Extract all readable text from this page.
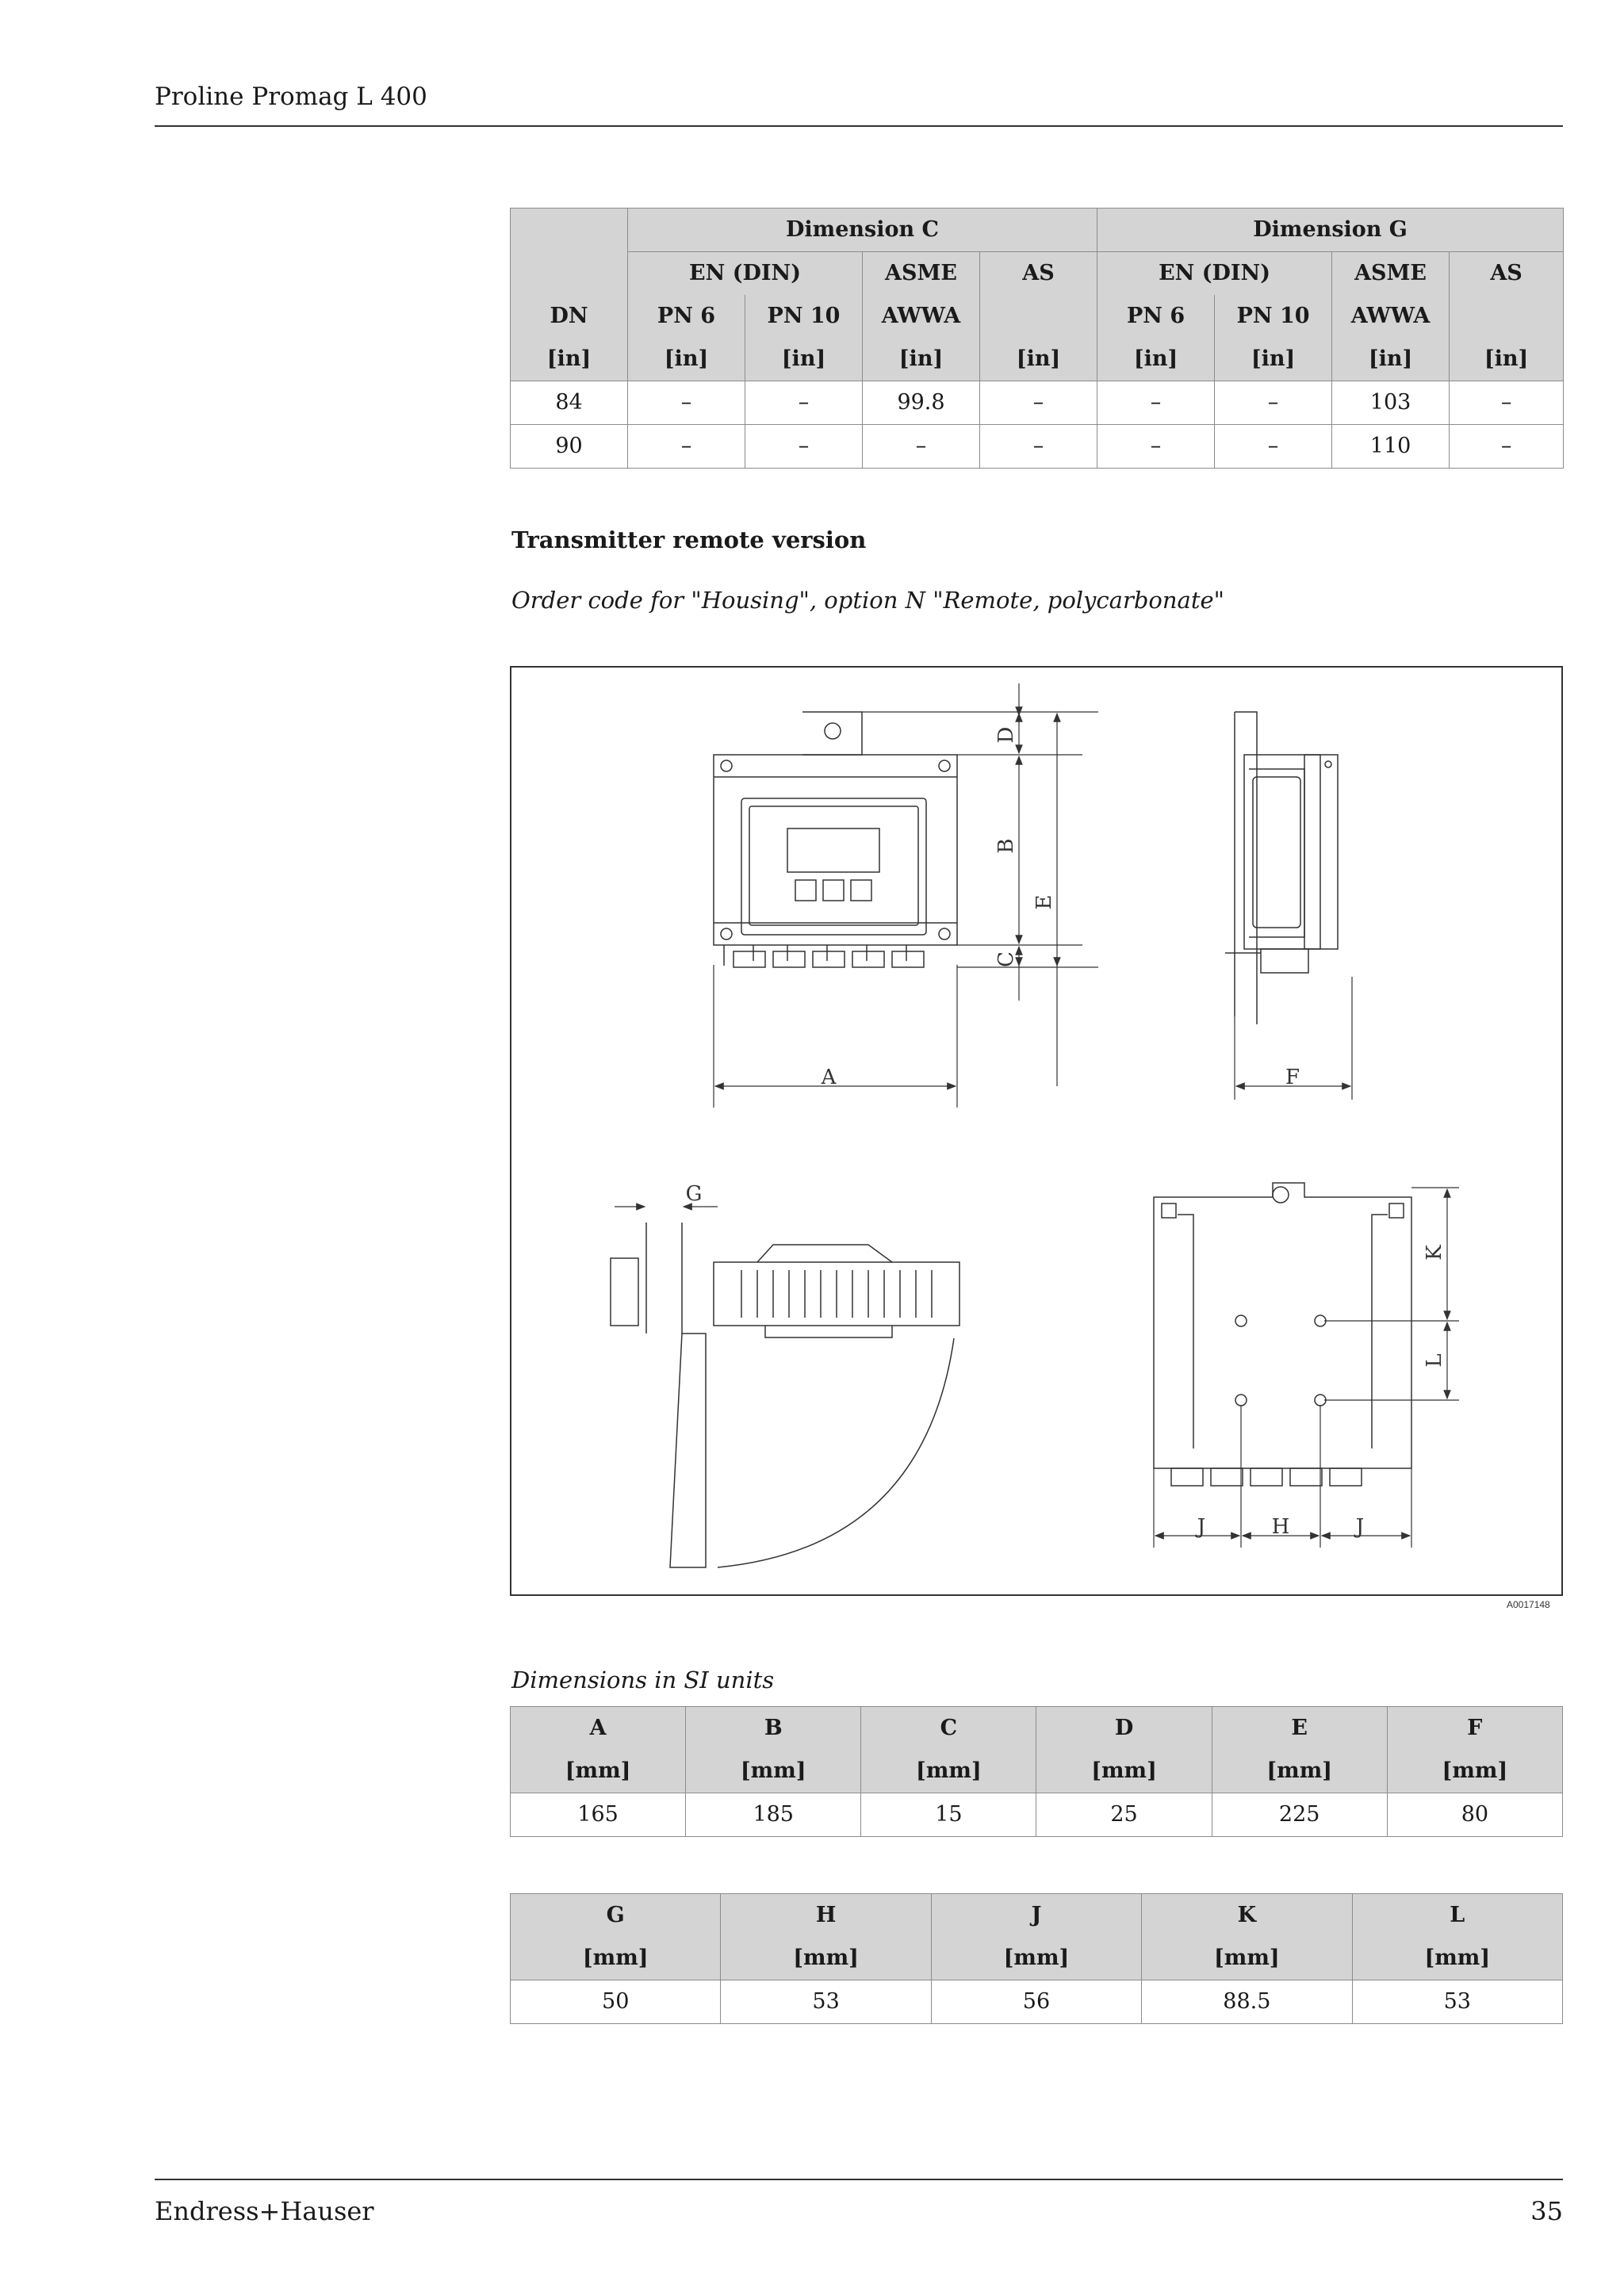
Proline Promag L 400
	Dimension C				Dimension G			
	EN (DIN)		ASME	AS	EN (DIN)		ASME	AS
DN	PN 6	PN 10	AWWA		PN 6	PN 10	AWWA	
[in]	[in]	[in]	[in]	[in]	[in]	[in]	[in]	[in]
84	–	–	99.8	–	–	–	103	–
90	–	–	–	–	–	–	110	–
Transmitter remote version
Order code for "Housing", option N "Remote, polycarbonate"
A
B
C
D
E
F
G
H
J	J
K
L
A0017148
Dimensions in SI units
A	B	C	D	E	F
[mm]	[mm]	[mm]	[mm]	[mm]	[mm]
165	185	15	25	225	80
G	H	J	K	L
[mm]	[mm]	[mm]	[mm]	[mm]
50	53	56	88.5	53
Endress+Hauser	35
